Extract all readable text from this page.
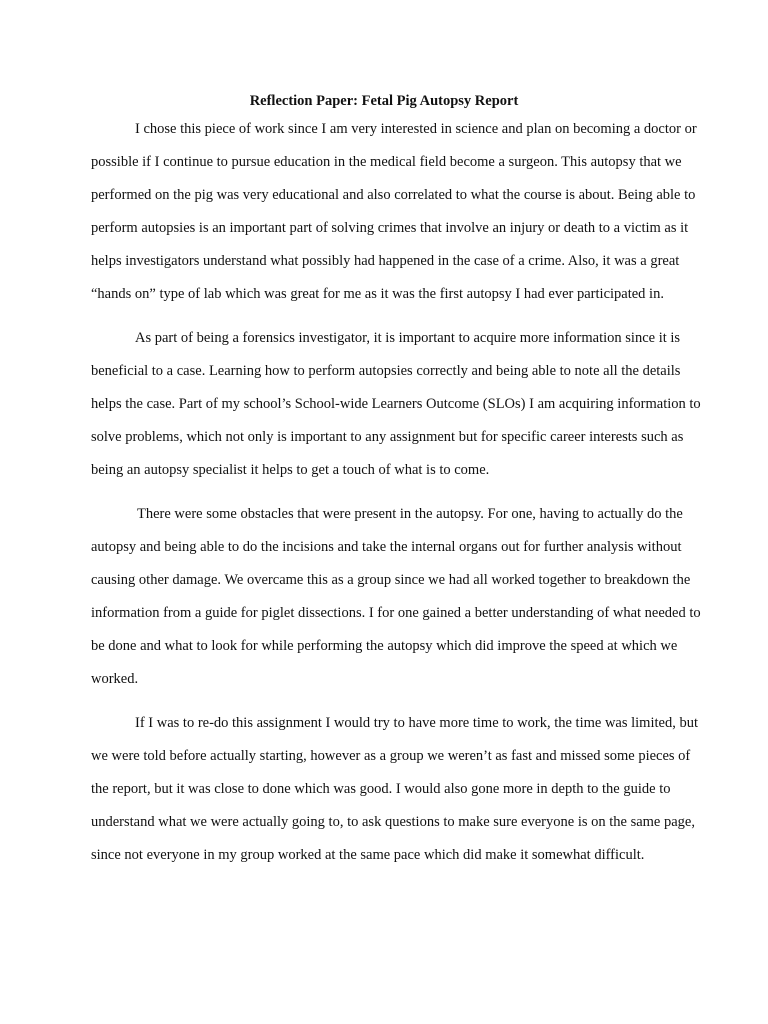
Reflection Paper: Fetal Pig Autopsy Report
I chose this piece of work since I am very interested in science and plan on becoming a doctor or
possible if I continue to pursue education in the medical field become a surgeon. This autopsy that we
performed on the pig was very educational and also correlated to what the course is about. Being able to
perform autopsies is an important part of solving crimes that involve an injury or death to a victim as it
helps investigators understand what possibly had happened in the case of a crime. Also, it was a great
“hands on” type of lab which was great for me as it was the first autopsy I had ever participated in.
As part of being a forensics investigator, it is important to acquire more information since it is
beneficial to a case. Learning how to perform autopsies correctly and being able to note all the details
helps the case. Part of my school’s School-wide Learners Outcome (SLOs) I am acquiring information to
solve problems, which not only is important to any assignment but for specific career interests such as
being an autopsy specialist it helps to get a touch of what is to come.
There were some obstacles that were present in the autopsy. For one, having to actually do the
autopsy and being able to do the incisions and take the internal organs out for further analysis without
causing other damage. We overcame this as a group since we had all worked together to breakdown the
information from a guide for piglet dissections. I for one gained a better understanding of what needed to
be done and what to look for while performing the autopsy which did improve the speed at which we
worked.
If I was to re-do this assignment I would try to have more time to work, the time was limited, but
we were told before actually starting, however as a group we weren’t as fast and missed some pieces of
the report, but it was close to done which was good. I would also gone more in depth to the guide to
understand what we were actually going to, to ask questions to make sure everyone is on the same page,
since not everyone in my group worked at the same pace which did make it somewhat difficult.
